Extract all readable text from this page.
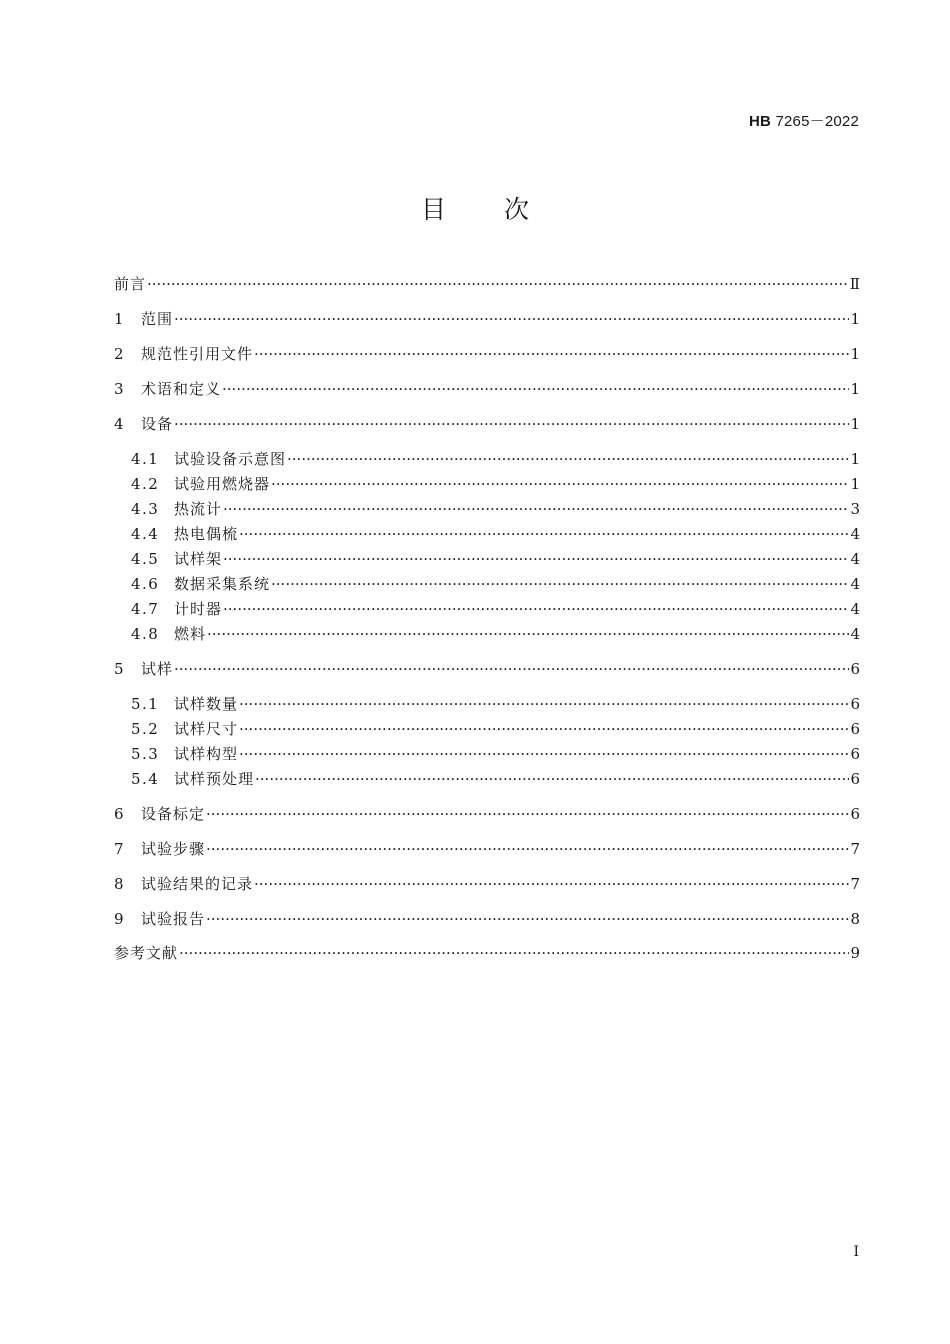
HB 7265－2022
目 次
前言 ·····	Ⅱ
1	范围 ·····	1
2	规范性引用文件 ·····	1
3	术语和定义 ·····	1
4	设备 ·····	1
4.1 试验设备示意图 ·····	1
4.2 试验用燃烧器 ·····	1
4.3 热流计 ·····	3
4.4 热电偶梳 ·····	4
4.5 试样架 ·····	4
4.6 数据采集系统 ·····	4
4.7 计时器 ·····	4
4.8 燃料 ·····	4
5	试样 ·····	6
5.1 试样数量 ·····	6
5.2 试样尺寸 ·····	6
5.3 试样构型 ·····	6
5.4 试样预处理 ·····	6
6	设备标定 ·····	6
7	试验步骤 ·····	7
8	试验结果的记录 ·····	7
9	试验报告 ·····	8
参考文献 ·····	9
I
